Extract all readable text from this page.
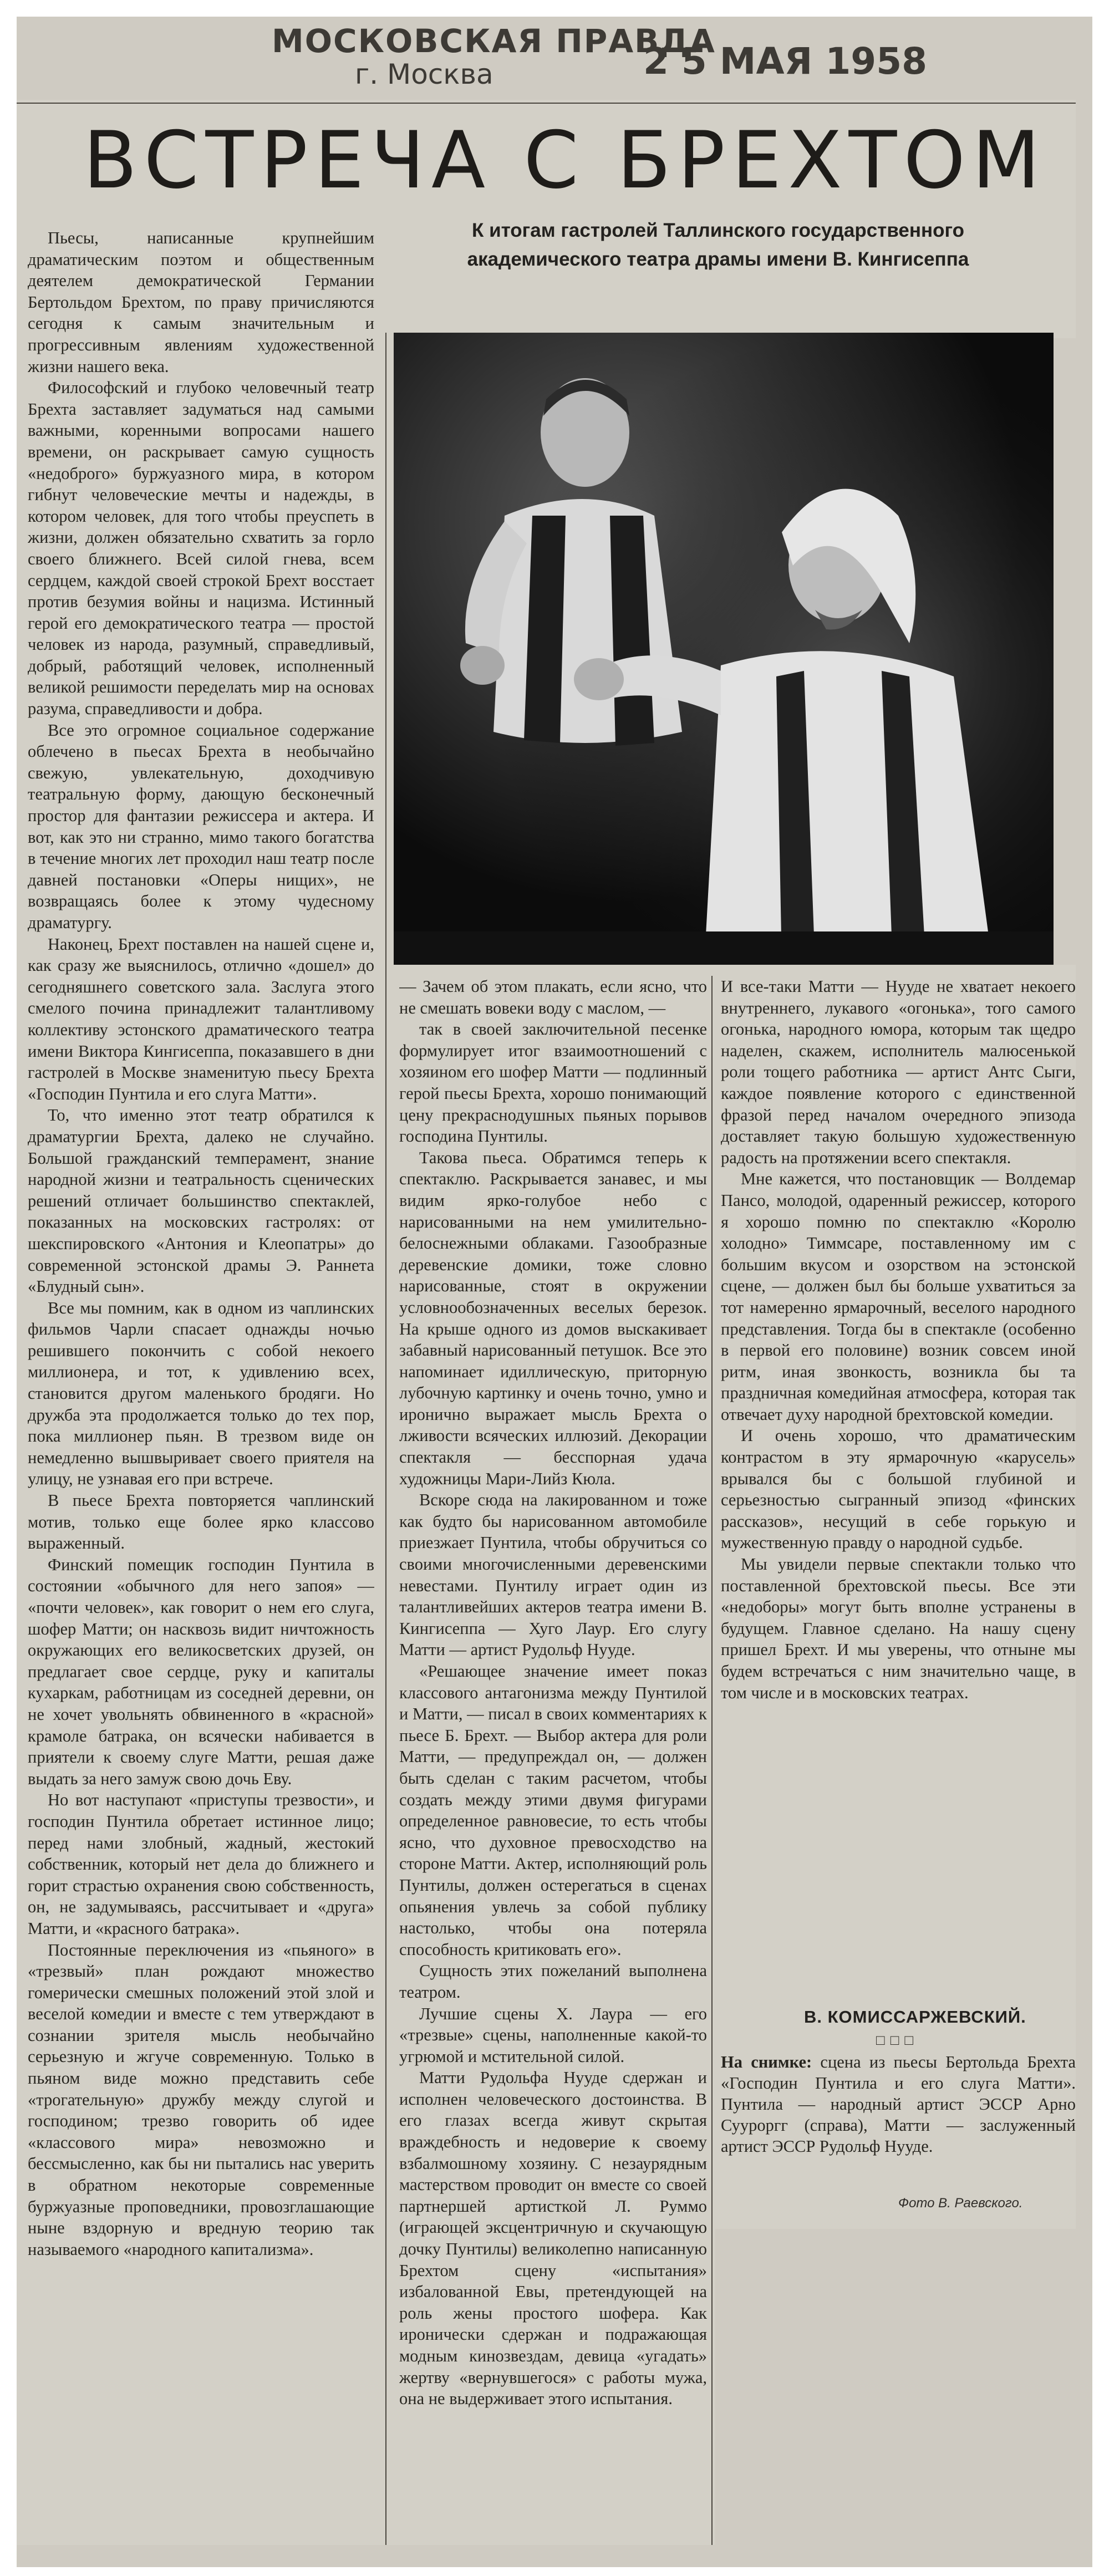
МОСКОВСКАЯ ПРАВДА
г. Москва	2 5 МАЯ 1958
ВСТРЕЧА С БРЕХТОМ
К итогам гастролей Таллинского государственного академического театра драмы имени В. Кингисеппа

Пьесы, написанные крупнейшим драматическим поэтом и общественным деятелем демократической Германии Бертольдом Брехтом, по праву причисляются сегодня к самым значительным и прогрессивным явлениям художественной жизни нашего века.

Философский и глубоко человечный театр Брехта заставляет задуматься над самыми важными, коренными вопросами нашего времени, он раскрывает самую сущность «недоброго» буржуазного мира, в котором гибнут человеческие мечты и надежды, в котором человек, для того чтобы преуспеть в жизни, должен обязательно схватить за горло своего ближнего. Всей силой гнева, всем сердцем, каждой своей строкой Брехт восстает против безумия войны и нацизма. Истинный герой его демократического театра — простой человек из народа, разумный, справедливый, добрый, работящий человек, исполненный великой решимости переделать мир на основах разума, справедливости и добра.

Все это огромное социальное содержание облечено в пьесах Брехта в необычайно свежую, увлекательную, доходчивую театральную форму, дающую бесконечный простор для фантазии режиссера и актера. И вот, как это ни странно, мимо такого богатства в течение многих лет проходил наш театр после давней постановки «Оперы нищих», не возвращаясь более к этому чудесному драматургу.

Наконец, Брехт поставлен на нашей сцене и, как сразу же выяснилось, отлично «дошел» до сегодняшнего советского зала. Заслуга этого смелого почина принадлежит талантливому коллективу эстонского драматического театра имени Виктора Кингисеппа, показавшего в дни гастролей в Москве знаменитую пьесу Брехта «Господин Пунтила и его слуга Матти».

То, что именно этот театр обратился к драматургии Брехта, далеко не случайно. Большой гражданский темперамент, знание народной жизни и театральность сценических решений отличает большинство спектаклей, показанных на московских гастролях: от шекспировского «Антония и Клеопатры» до современной эстонской драмы Э. Раннета «Блудный сын».

Все мы помним, как в одном из чаплинских фильмов Чарли спасает однажды ночью решившего покончить с собой некоего миллионера, и тот, к удивлению всех, становится другом маленького бродяги. Но дружба эта продолжается только до тех пор, пока миллионер пьян. В трезвом виде он немедленно вышвыривает своего приятеля на улицу, не узнавая его при встрече.

В пьесе Брехта повторяется чаплинский мотив, только еще более ярко классово выраженный.

Финский помещик господин Пунтила в состоянии «обычного для него запоя» — «почти человек», как говорит о нем его слуга, шофер Матти; он насквозь видит ничтожность окружающих его великосветских друзей, он предлагает свое сердце, руку и капиталы кухаркам, работницам из соседней деревни, он не хочет увольнять обвиненного в «красной» крамоле батрака, он всячески набивается в приятели к своему слуге Матти, решая даже выдать за него замуж свою дочь Еву.

Но вот наступают «приступы трезвости», и господин Пунтила обретает истинное лицо; перед нами злобный, жадный, жестокий собственник, который нет дела до ближнего и горит страстью охранения свою собственность, он, не задумываясь, рассчитывает и «друга» Матти, и «красного батрака».

Постоянные переключения из «пьяного» в «трезвый» план рождают множество гомерически смешных положений этой злой и веселой комедии и вместе с тем утверждают в сознании зрителя мысль необычайно серьезную и жгуче современную. Только в пьяном виде можно представить себе «трогательную» дружбу между слугой и господином; трезво говорить об идее «классового мира» невозможно и бессмысленно, как бы ни пытались нас уверить в обратном некоторые современные буржуазные проповедники, провозглашающие ныне вздорную и вредную теорию так называемого «народного капитализма».

— Зачем об этом плакать, если ясно, что не смешать вовеки воду с маслом, —

так в своей заключительной песенке формулирует итог взаимоотношений с хозяином его шофер Матти — подлинный герой пьесы Брехта, хорошо понимающий цену прекраснодушных пьяных порывов господина Пунтилы.

Такова пьеса. Обратимся теперь к спектаклю. Раскрывается занавес, и мы видим ярко-голубое небо с нарисованными на нем умилительно-белоснежными облаками. Газообразные деревенские домики, тоже словно нарисованные, стоят в окружении условнообозначенных веселых березок. На крыше одного из домов выскакивает забавный нарисованный петушок. Все это напоминает идиллическую, приторную лубочную картинку и очень точно, умно и иронично выражает мысль Брехта о лживости всяческих иллюзий. Декорации спектакля — бесспорная удача художницы Мари-Лийз Кюла.

Вскоре сюда на лакированном и тоже как будто бы нарисованном автомобиле приезжает Пунтила, чтобы обручиться со своими многочисленными деревенскими невестами. Пунтилу играет один из талантливейших актеров театра имени В. Кингисеппа — Хуго Лаур. Его слугу Матти — артист Рудольф Нууде.

«Решающее значение имеет показ классового антагонизма между Пунтилой и Матти, — писал в своих комментариях к пьесе Б. Брехт. — Выбор актера для роли Матти, — предупреждал он, — должен быть сделан с таким расчетом, чтобы создать между этими двумя фигурами определенное равновесие, то есть чтобы ясно, что духовное превосходство на стороне Матти. Актер, исполняющий роль Пунтилы, должен остерегаться в сценах опьянения увлечь за собой публику настолько, чтобы она потеряла способность критиковать его».

Сущность этих пожеланий выполнена театром.

Лучшие сцены Х. Лаура — его «трезвые» сцены, наполненные какой-то угрюмой и мстительной силой.

Матти Рудольфа Нууде сдержан и исполнен человеческого достоинства. В его глазах всегда живут скрытая враждебность и недоверие к своему взбалмошному хозяину. С незаурядным мастерством проводит он вместе со своей партнершей артисткой Л. Руммо (играющей эксцентричную и скучающую дочку Пунтилы) великолепно написанную Брехтом сцену «испытания» избалованной Евы, претендующей на роль жены простого шофера. Как иронически сдержан и подражающая модным кинозвездам, девица «угадать» жертву «вернувшегося» с работы мужа, она не выдерживает этого испытания.

И все-таки Матти — Нууде не хватает некоего внутреннего, лукавого «огонька», того самого огонька, народного юмора, которым так щедро наделен, скажем, исполнитель малюсенькой роли тощего работника — артист Антс Сыги, каждое появление которого с единственной фразой перед началом очередного эпизода доставляет такую большую художественную радость на протяжении всего спектакля.

Мне кажется, что постановщик — Волдемар Пансо, молодой, одаренный режиссер, которого я хорошо помню по спектаклю «Королю холодно» Тиммсаре, поставленному им с большим вкусом и озорством на эстонской сцене, — должен был бы больше ухватиться за тот намеренно ярмарочный, веселого народного представления. Тогда бы в спектакле (особенно в первой его половине) возник совсем иной ритм, иная звонкость, возникла бы та праздничная комедийная атмосфера, которая так отвечает духу народной брехтовской комедии.

И очень хорошо, что драматическим контрастом в эту ярмарочную «карусель» врывался бы с большой глубиной и серьезностью сыгранный эпизод «финских рассказов», несущий в себе горькую и мужественную правду о народной судьбе.

Мы увидели первые спектакли только что поставленной брехтовской пьесы. Все эти «недоборы» могут быть вполне устранены в будущем. Главное сделано. На нашу сцену пришел Брехт. И мы уверены, что отныне мы будем встречаться с ним значительно чаще, в том числе и в московских театрах.

В. КОМИССАРЖЕВСКИЙ.
□□□
На снимке: сцена из пьесы Бертольда Брехта «Господин Пунтила и его слуга Матти». Пунтила — народный артист ЭССР Арно Сууроргг (справа), Матти — заслуженный артист ЭССР Рудольф Нууде.
Фото В. Раевского.
